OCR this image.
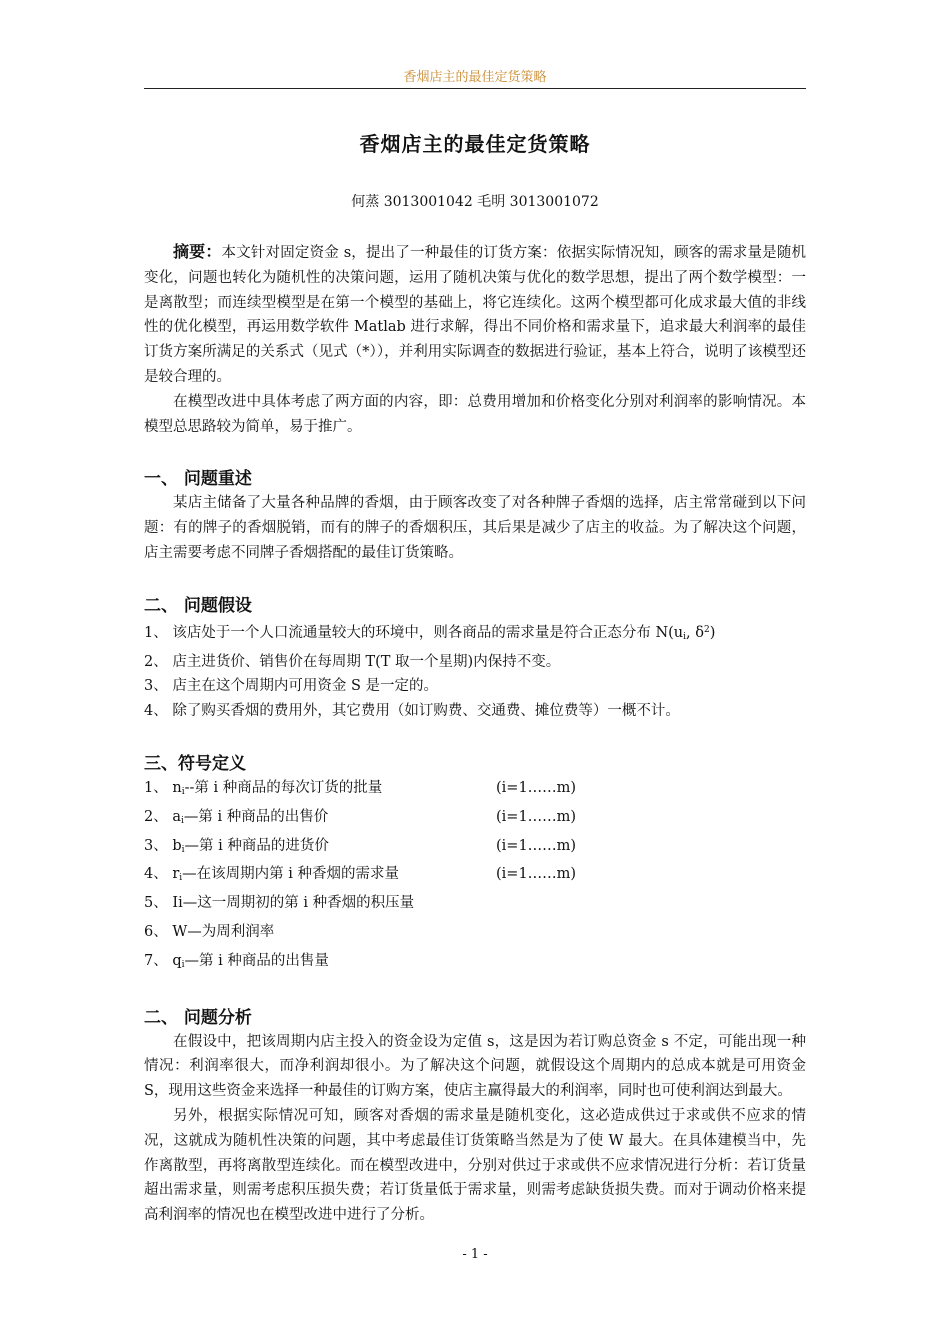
香烟店主的最佳定货策略
香烟店主的最佳定货策略
何蒸 3013001042 毛明 3013001072

摘要：本文针对固定资金 s，提出了一种最佳的订货方案：依据实际情况知，顾客的需求量是随机变化，问题也转化为随机性的决策问题，运用了随机决策与优化的数学思想，提出了两个数学模型：一是离散型；而连续型模型是在第一个模型的基础上，将它连续化。这两个模型都可化成求最大值的非线性的优化模型，再运用数学软件 Matlab 进行求解，得出不同价格和需求量下，追求最大利润率的最佳订货方案所满足的关系式（见式（*）），并利用实际调查的数据进行验证，基本上符合，说明了该模型还是较合理的。

在模型改进中具体考虑了两方面的内容，即：总费用增加和价格变化分别对利润率的影响情况。本模型总思路较为简单，易于推广。

一、 问题重述

某店主储备了大量各种品牌的香烟，由于顾客改变了对各种牌子香烟的选择，店主常常碰到以下问题：有的牌子的香烟脱销，而有的牌子的香烟积压，其后果是减少了店主的收益。为了解决这个问题，店主需要考虑不同牌子香烟搭配的最佳订货策略。

二、 问题假设
1、 该店处于一个人口流通量较大的环境中，则各商品的需求量是符合正态分布 $N(u_i$, $\delta^2$)
2、 店主进货价、销售价在每周期 T(T 取一个星期)内保持不变。
3、 店主在这个周期内可用资金 S 是一定的。
4、 除了购买香烟的费用外，其它费用（如订购费、交通费、摊位费等）一概不计。
三、符号定义
1、 $n_i--$第 i 种商品的每次订货的批量	(i=1……m)
2、 $a_i—$第 i 种商品的出售价	(i=1……m)
3、 $b_i—$第 i 种商品的进货价	(i=1……m)
4、 $r_i—$在该周期内第 i 种香烟的需求量	(i=1……m)
5、 Ii—这一周期初的第 i 种香烟的积压量
6、 W—为周利润率
7、 $q_i—$第 i 种商品的出售量
二、 问题分析

在假设中，把该周期内店主投入的资金设为定值 s，这是因为若订购总资金 s 不定，可能出现一种情况：利润率很大，而净利润却很小。为了解决这个问题，就假设这个周期内的总成本就是可用资金 S，现用这些资金来选择一种最佳的订购方案，使店主赢得最大的利润率，同时也可使利润达到最大。

另外，根据实际情况可知，顾客对香烟的需求量是随机变化，这必造成供过于求或供不应求的情况，这就成为随机性决策的问题，其中考虑最佳订货策略当然是为了使 W 最大。在具体建模当中，先作离散型，再将离散型连续化。而在模型改进中，分别对供过于求或供不应求情况进行分析：若订货量超出需求量，则需考虑积压损失费；若订货量低于需求量，则需考虑缺货损失费。而对于调动价格来提高利润率的情况也在模型改进中进行了分析。

- 1 -
